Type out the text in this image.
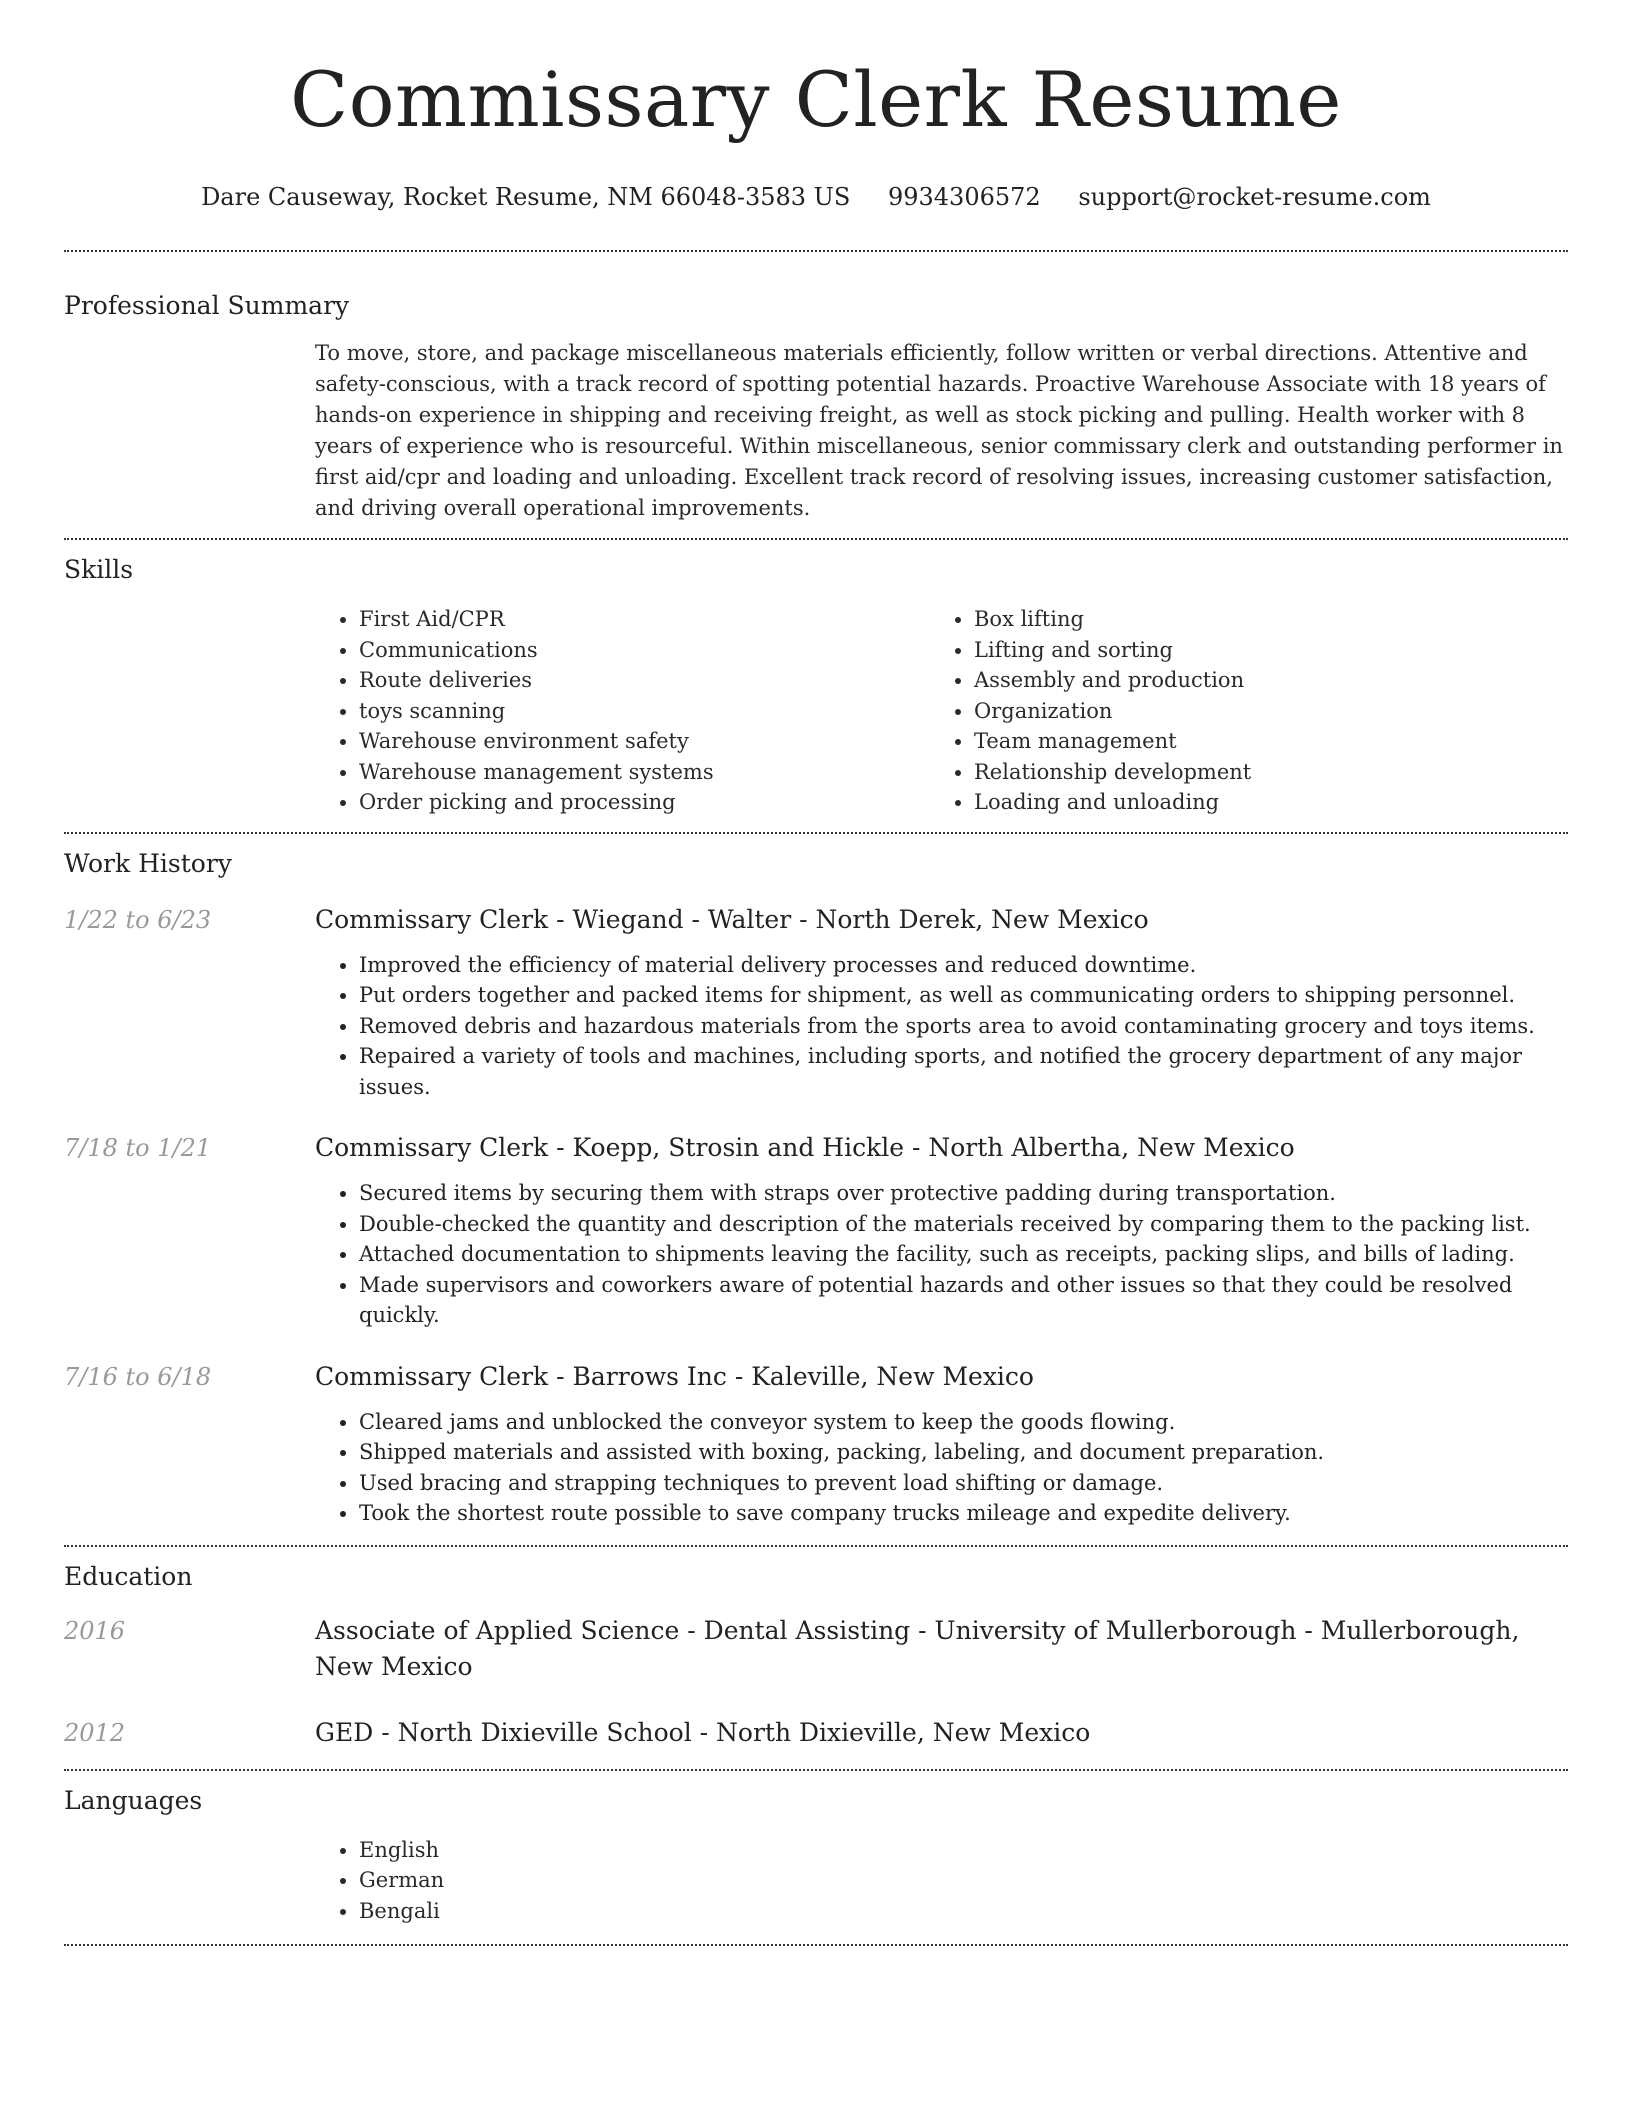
Commissary Clerk Resume
Dare Causeway, Rocket Resume, NM 66048-3583 US 9934306572 support@rocket-resume.com
Professional Summary
To move, store, and package miscellaneous materials efficiently, follow written or verbal directions. Attentive and safety-conscious, with a track record of spotting potential hazards. Proactive Warehouse Associate with 18 years of hands-on experience in shipping and receiving freight, as well as stock picking and pulling. Health worker with 8 years of experience who is resourceful. Within miscellaneous, senior commissary clerk and outstanding performer in first aid/cpr and loading and unloading. Excellent track record of resolving issues, increasing customer satisfaction, and driving overall operational improvements.
Skills
• First Aid/CPR
• Communications
• Route deliveries
• toys scanning
• Warehouse environment safety
• Warehouse management systems
• Order picking and processing
• Box lifting
• Lifting and sorting
• Assembly and production
• Organization
• Team management
• Relationship development
• Loading and unloading
Work History
1/22 to 6/23	Commissary Clerk - Wiegand - Walter - North Derek, New Mexico
• Improved the efficiency of material delivery processes and reduced downtime.
• Put orders together and packed items for shipment, as well as communicating orders to shipping personnel.
• Removed debris and hazardous materials from the sports area to avoid contaminating grocery and toys items.
• Repaired a variety of tools and machines, including sports, and notified the grocery department of any major issues.
7/18 to 1/21	Commissary Clerk - Koepp, Strosin and Hickle - North Albertha, New Mexico
• Secured items by securing them with straps over protective padding during transportation.
• Double-checked the quantity and description of the materials received by comparing them to the packing list.
• Attached documentation to shipments leaving the facility, such as receipts, packing slips, and bills of lading.
• Made supervisors and coworkers aware of potential hazards and other issues so that they could be resolved quickly.
7/16 to 6/18	Commissary Clerk - Barrows Inc - Kaleville, New Mexico
• Cleared jams and unblocked the conveyor system to keep the goods flowing.
• Shipped materials and assisted with boxing, packing, labeling, and document preparation.
• Used bracing and strapping techniques to prevent load shifting or damage.
• Took the shortest route possible to save company trucks mileage and expedite delivery.
Education
2016	Associate of Applied Science - Dental Assisting - University of Mullerborough - Mullerborough, New Mexico
2012	GED - North Dixieville School - North Dixieville, New Mexico
Languages
• English
• German
• Bengali
